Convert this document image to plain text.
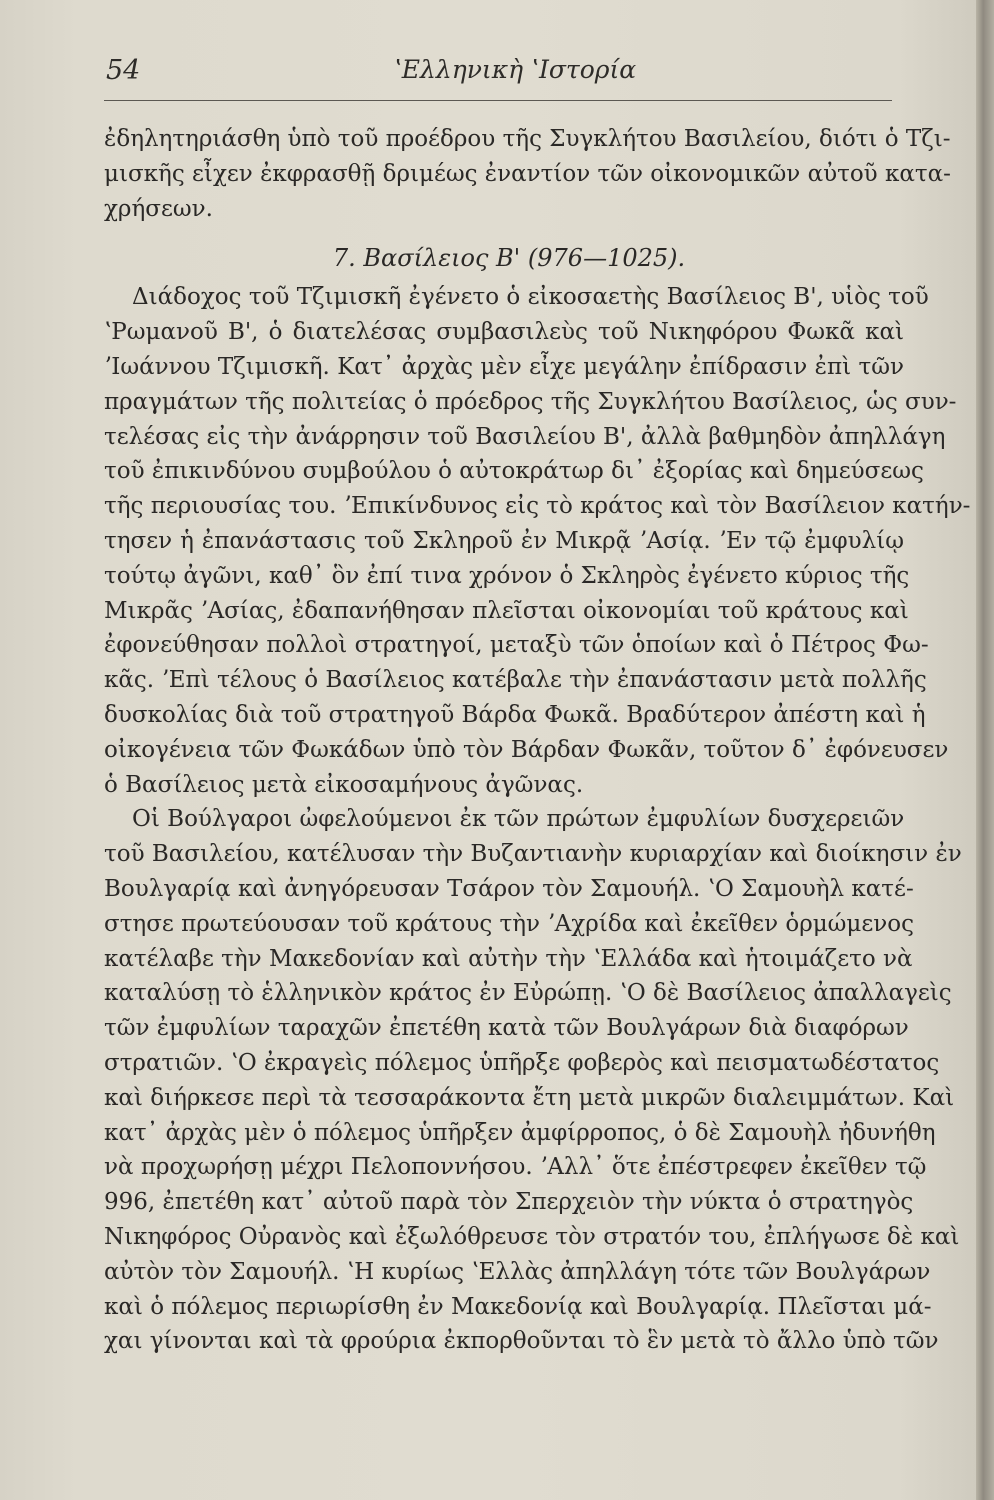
54	ʽΕλληνικὴ ʽΙστορία
ἐδηλητηριάσθη ὑπὸ τοῦ προέδρου τῆς Συγκλήτου Βασιλείου, διότι ὁ Τζι-
μισκῆς εἶχεν ἐκφρασθῇ δριμέως ἐναντίον τῶν οἰκονομικῶν αὐτοῦ κατα-
χρήσεων.
7. Βασίλειος Β' (976—1025).
Διάδοχος τοῦ Τζιμισκῆ ἐγένετο ὁ εἰκοσαετὴς Βασίλειος Β', υἱὸς τοῦ
ʽΡωμανοῦ Β', ὁ διατελέσας συμβασιλεὺς τοῦ Νικηφόρου Φωκᾶ καὶ
ʼΙωάννου Τζιμισκῆ. Κατ᾽ ἀρχὰς μὲν εἶχε μεγάλην ἐπίδρασιν ἐπὶ τῶν
πραγμάτων τῆς πολιτείας ὁ πρόεδρος τῆς Συγκλήτου Βασίλειος, ὡς συν-
τελέσας εἰς τὴν ἀνάρρησιν τοῦ Βασιλείου Β', ἀλλὰ βαθμηδὸν ἀπηλλάγη
τοῦ ἐπικινδύνου συμβούλου ὁ αὐτοκράτωρ δι᾽ ἐξορίας καὶ δημεύσεως
τῆς περιουσίας του. ʼΕπικίνδυνος εἰς τὸ κράτος καὶ τὸν Βασίλειον κατήν-
τησεν ἡ ἐπανάστασις τοῦ Σκληροῦ ἐν Μικρᾷ ʼΑσίᾳ. ʼΕν τῷ ἐμφυλίῳ
τούτῳ ἀγῶνι, καθ᾽ ὃν ἐπί τινα χρόνον ὁ Σκληρὸς ἐγένετο κύριος τῆς
Μικρᾶς ʼΑσίας, ἐδαπανήθησαν πλεῖσται οἰκονομίαι τοῦ κράτους καὶ
ἐφονεύθησαν πολλοὶ στρατηγοί, μεταξὺ τῶν ὁποίων καὶ ὁ Πέτρος Φω-
κᾶς. ʼΕπὶ τέλους ὁ Βασίλειος κατέβαλε τὴν ἐπανάστασιν μετὰ πολλῆς
δυσκολίας διὰ τοῦ στρατηγοῦ Βάρδα Φωκᾶ. Βραδύτερον ἀπέστη καὶ ἡ
οἰκογένεια τῶν Φωκάδων ὑπὸ τὸν Βάρδαν Φωκᾶν, τοῦτον δ᾽ ἐφόνευσεν
ὁ Βασίλειος μετὰ εἰκοσαμήνους ἀγῶνας.
Οἱ Βούλγαροι ὠφελούμενοι ἐκ τῶν πρώτων ἐμφυλίων δυσχερειῶν
τοῦ Βασιλείου, κατέλυσαν τὴν Βυζαντιανὴν κυριαρχίαν καὶ διοίκησιν ἐν
Βουλγαρίᾳ καὶ ἀνηγόρευσαν Τσάρον τὸν Σαμουήλ. ʽΟ Σαμουὴλ κατέ-
στησε πρωτεύουσαν τοῦ κράτους τὴν ʼΑχρίδα καὶ ἐκεῖθεν ὁρμώμενος
κατέλαβε τὴν Μακεδονίαν καὶ αὐτὴν τὴν ʽΕλλάδα καὶ ἡτοιμάζετο νὰ
καταλύσῃ τὸ ἑλληνικὸν κράτος ἐν Εὐρώπῃ. ʽΟ δὲ Βασίλειος ἀπαλλαγεὶς
τῶν ἐμφυλίων ταραχῶν ἐπετέθη κατὰ τῶν Βουλγάρων διὰ διαφόρων
στρατιῶν. ʽΟ ἐκραγεὶς πόλεμος ὑπῆρξε φοβερὸς καὶ πεισματωδέστατος
καὶ διήρκεσε περὶ τὰ τεσσαράκοντα ἔτη μετὰ μικρῶν διαλειμμάτων. Καὶ
κατ᾽ ἀρχὰς μὲν ὁ πόλεμος ὑπῆρξεν ἀμφίρροπος, ὁ δὲ Σαμουὴλ ἠδυνήθη
νὰ προχωρήσῃ μέχρι Πελοποννήσου. ʼΑλλ᾽ ὅτε ἐπέστρεφεν ἐκεῖθεν τῷ
996, ἐπετέθη κατ᾽ αὐτοῦ παρὰ τὸν Σπερχειὸν τὴν νύκτα ὁ στρατηγὸς
Νικηφόρος Οὐρανὸς καὶ ἐξωλόθρευσε τὸν στρατόν του, ἐπλήγωσε δὲ καὶ
αὐτὸν τὸν Σαμουήλ. ʽΗ κυρίως ʽΕλλὰς ἀπηλλάγη τότε τῶν Βουλγάρων
καὶ ὁ πόλεμος περιωρίσθη ἐν Μακεδονίᾳ καὶ Βουλγαρίᾳ. Πλεῖσται μά-
χαι γίνονται καὶ τὰ φρούρια ἐκπορθοῦνται τὸ ἓν μετὰ τὸ ἄλλο ὑπὸ τῶν
